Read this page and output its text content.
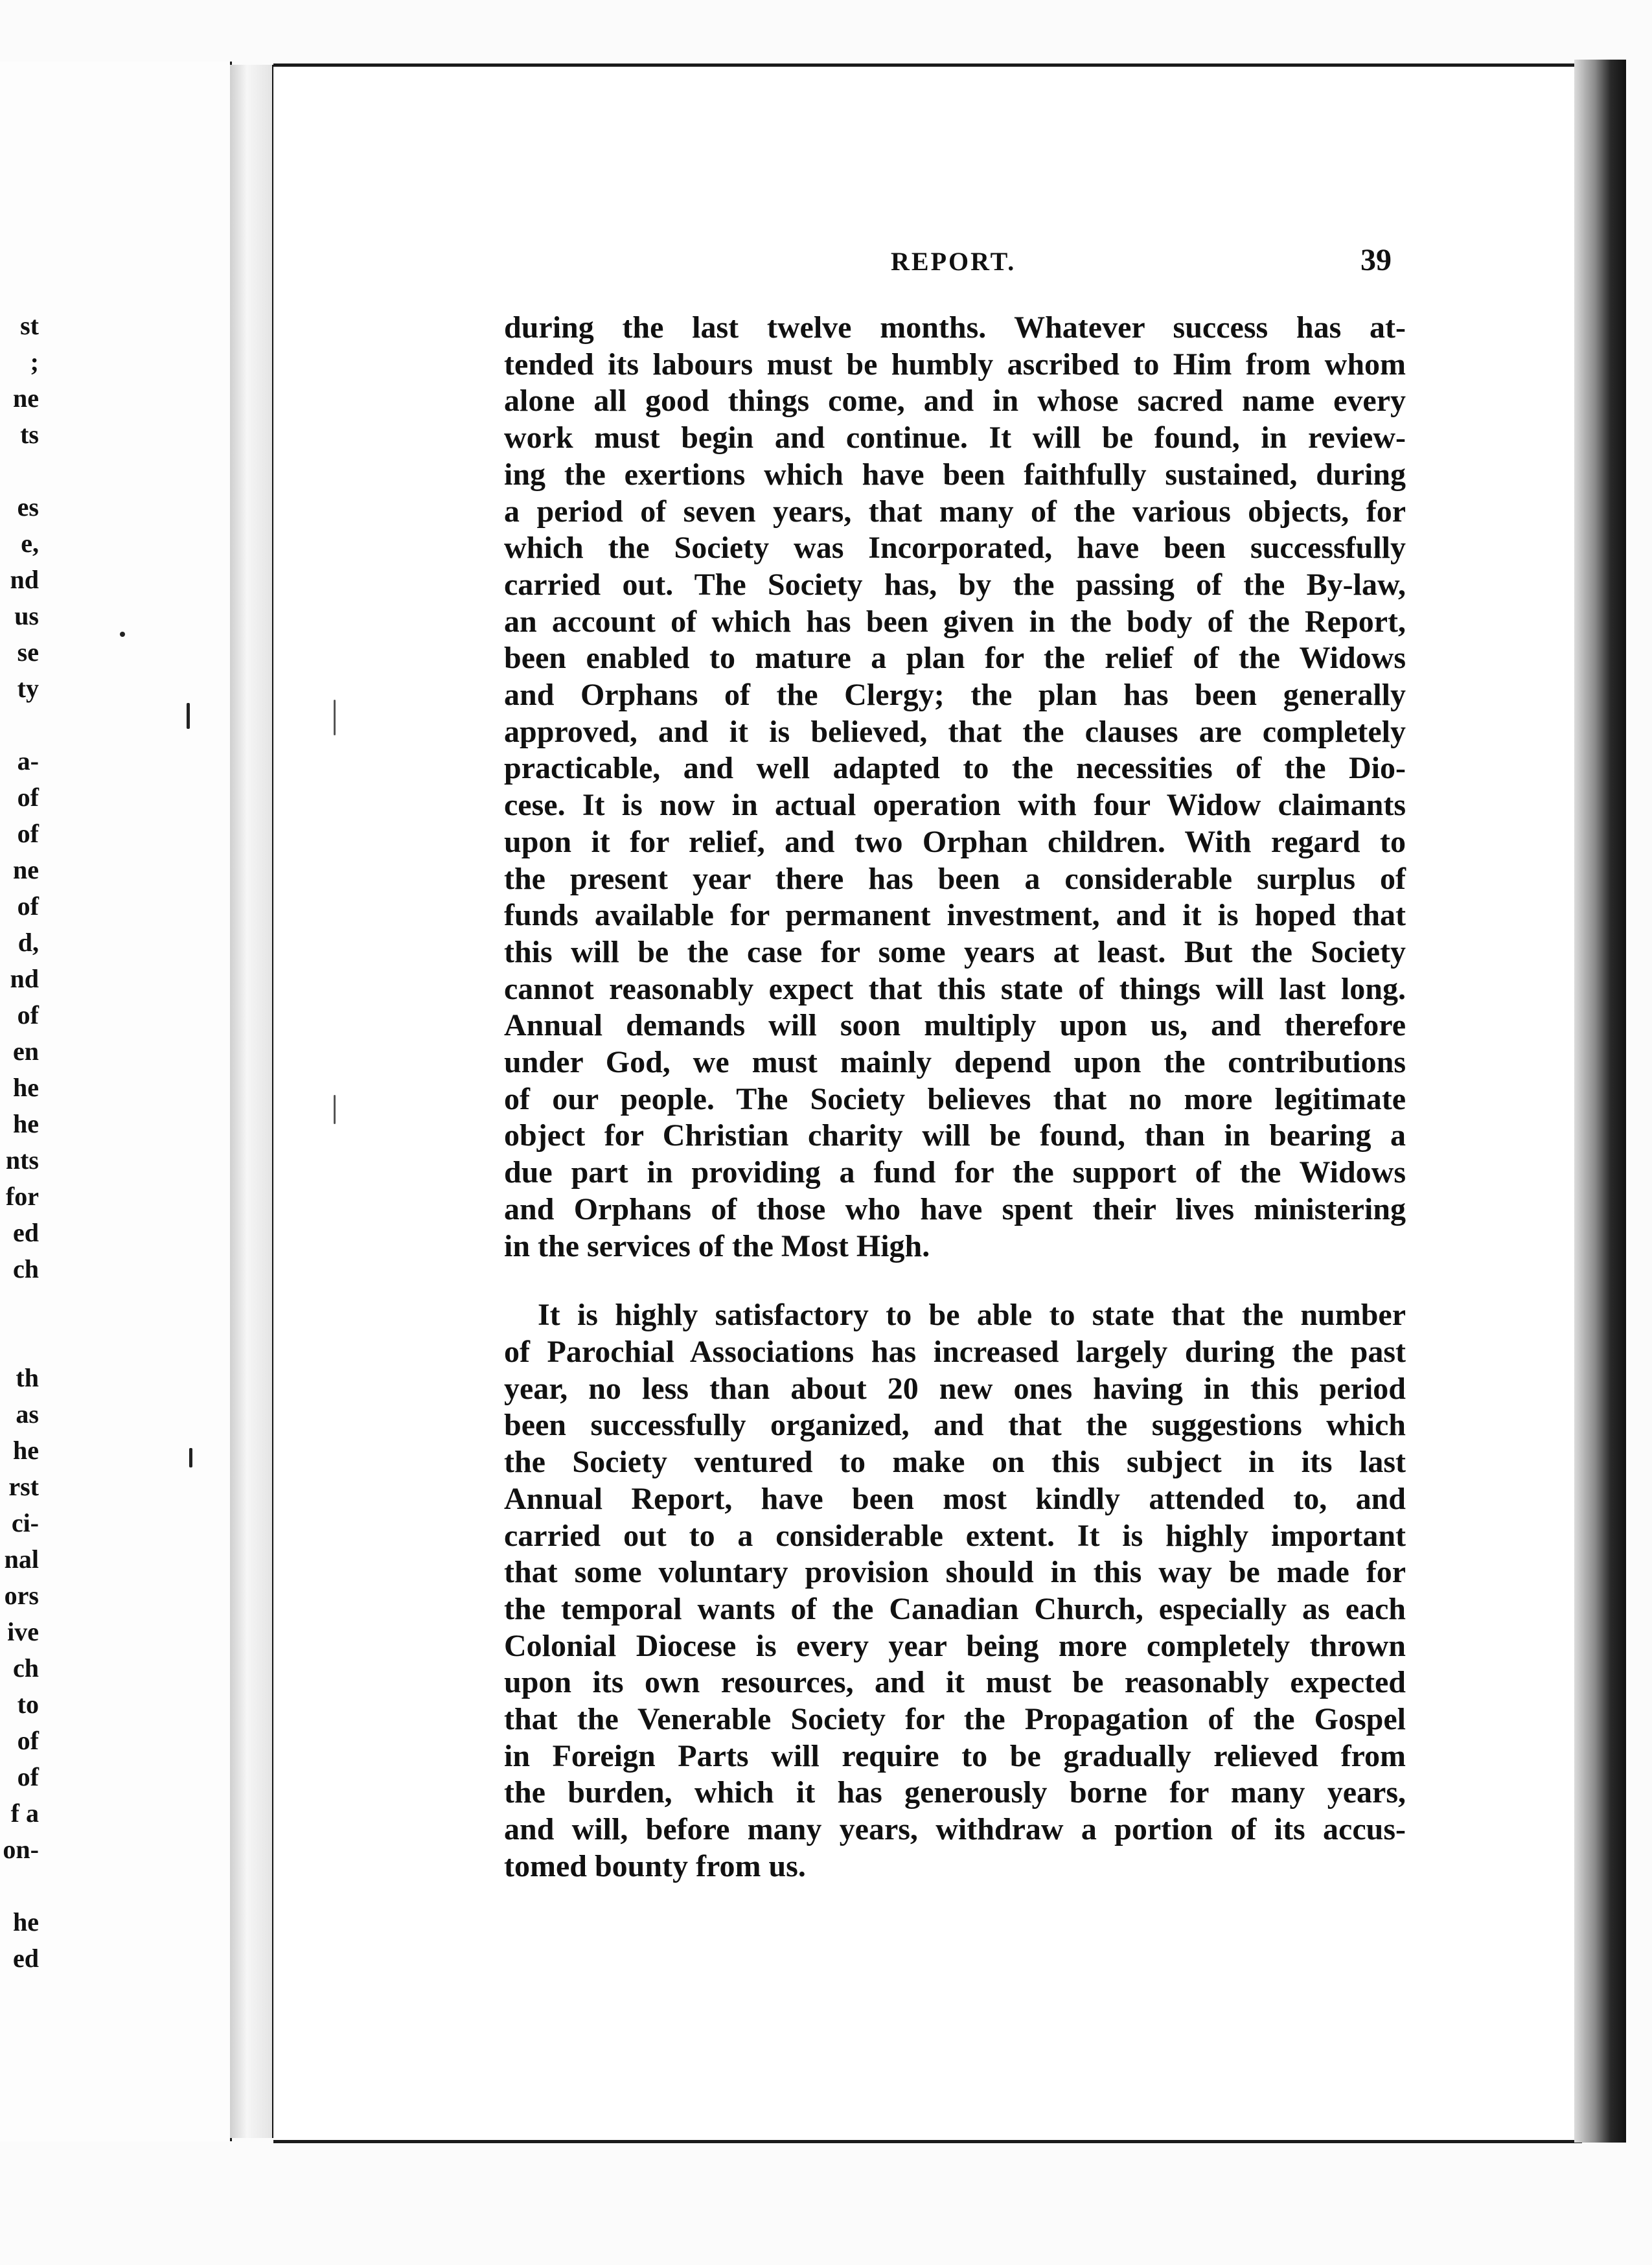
st
;
ne
ts
es
e,
nd
us
se
ty
a-
of
of
ne
of
d,
nd
of
en
he
he
nts
for
ed
ch
th
as
he
rst
ci-
nal
ors
ive
ch
to
of
of
f a
on-
he
ed
REPORT.	39
during the last twelve months. Whatever success has at-
tended its labours must be humbly ascribed to Him from whom
alone all good things come, and in whose sacred name every
work must begin and continue. It will be found, in review-
ing the exertions which have been faithfully sustained, during
a period of seven years, that many of the various objects, for
which the Society was Incorporated, have been successfully
carried out. The Society has, by the passing of the By-law,
an account of which has been given in the body of the Report,
been enabled to mature a plan for the relief of the Widows
and Orphans of the Clergy; the plan has been generally
approved, and it is believed, that the clauses are completely
practicable, and well adapted to the necessities of the Dio-
cese. It is now in actual operation with four Widow claimants
upon it for relief, and two Orphan children. With regard to
the present year there has been a considerable surplus of
funds available for permanent investment, and it is hoped that
this will be the case for some years at least. But the Society
cannot reasonably expect that this state of things will last long.
Annual demands will soon multiply upon us, and therefore
under God, we must mainly depend upon the contributions
of our people. The Society believes that no more legitimate
object for Christian charity will be found, than in bearing a
due part in providing a fund for the support of the Widows
and Orphans of those who have spent their lives ministering
in the services of the Most High.
It is highly satisfactory to be able to state that the number
of Parochial Associations has increased largely during the past
year, no less than about 20 new ones having in this period
been successfully organized, and that the suggestions which
the Society ventured to make on this subject in its last
Annual Report, have been most kindly attended to, and
carried out to a considerable extent. It is highly important
that some voluntary provision should in this way be made for
the temporal wants of the Canadian Church, especially as each
Colonial Diocese is every year being more completely thrown
upon its own resources, and it must be reasonably expected
that the Venerable Society for the Propagation of the Gospel
in Foreign Parts will require to be gradually relieved from
the burden, which it has generously borne for many years,
and will, before many years, withdraw a portion of its accus-
tomed bounty from us.
